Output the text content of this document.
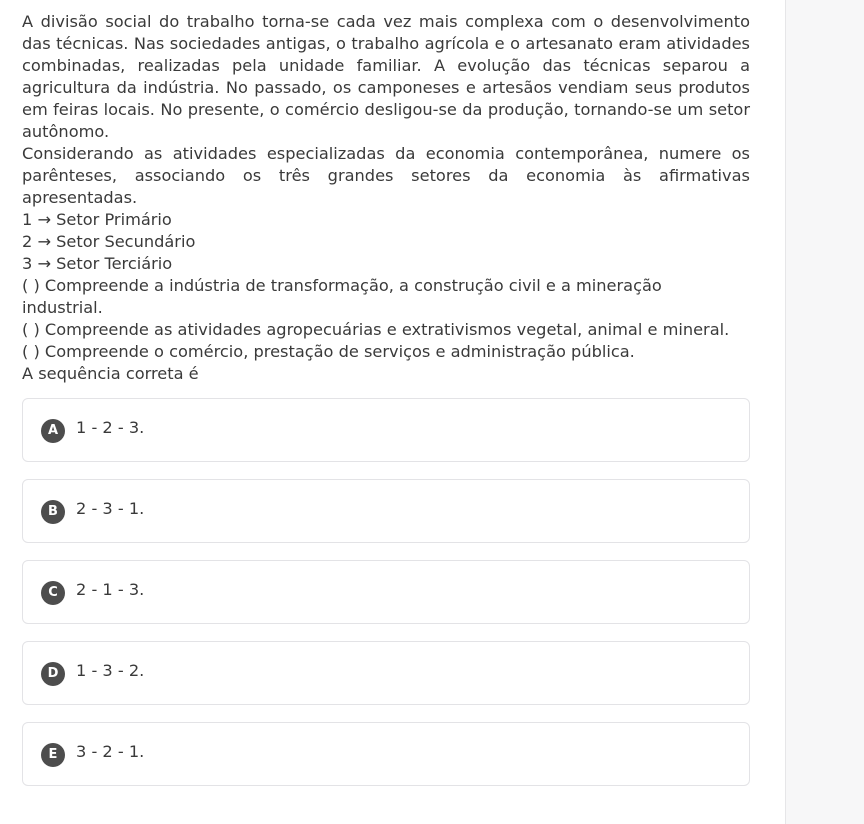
A divisão social do trabalho torna-se cada vez mais complexa com o desenvolvimento das técnicas. Nas sociedades antigas, o trabalho agrícola e o artesanato eram atividades combinadas, realizadas pela unidade familiar. A evolução das técnicas separou a agricultura da indústria. No passado, os camponeses e artesãos vendiam seus produtos em feiras locais. No presente, o comércio desligou-se da produção, tornando-se um setor autônomo.

Considerando as atividades especializadas da economia contemporânea, numere os parênteses, associando os três grandes setores da economia às afirmativas apresentadas.

1 → Setor Primário

2 → Setor Secundário

3 → Setor Terciário

( ) Compreende a indústria de transformação, a construção civil e a mineração industrial.

( ) Compreende as atividades agropecuárias e extrativismos vegetal, animal e mineral.

( ) Compreende o comércio, prestação de serviços e administração pública.

A sequência correta é

A	1 - 2 - 3.
B	2 - 3 - 1.
C	2 - 1 - 3.
D	1 - 3 - 2.
E	3 - 2 - 1.
